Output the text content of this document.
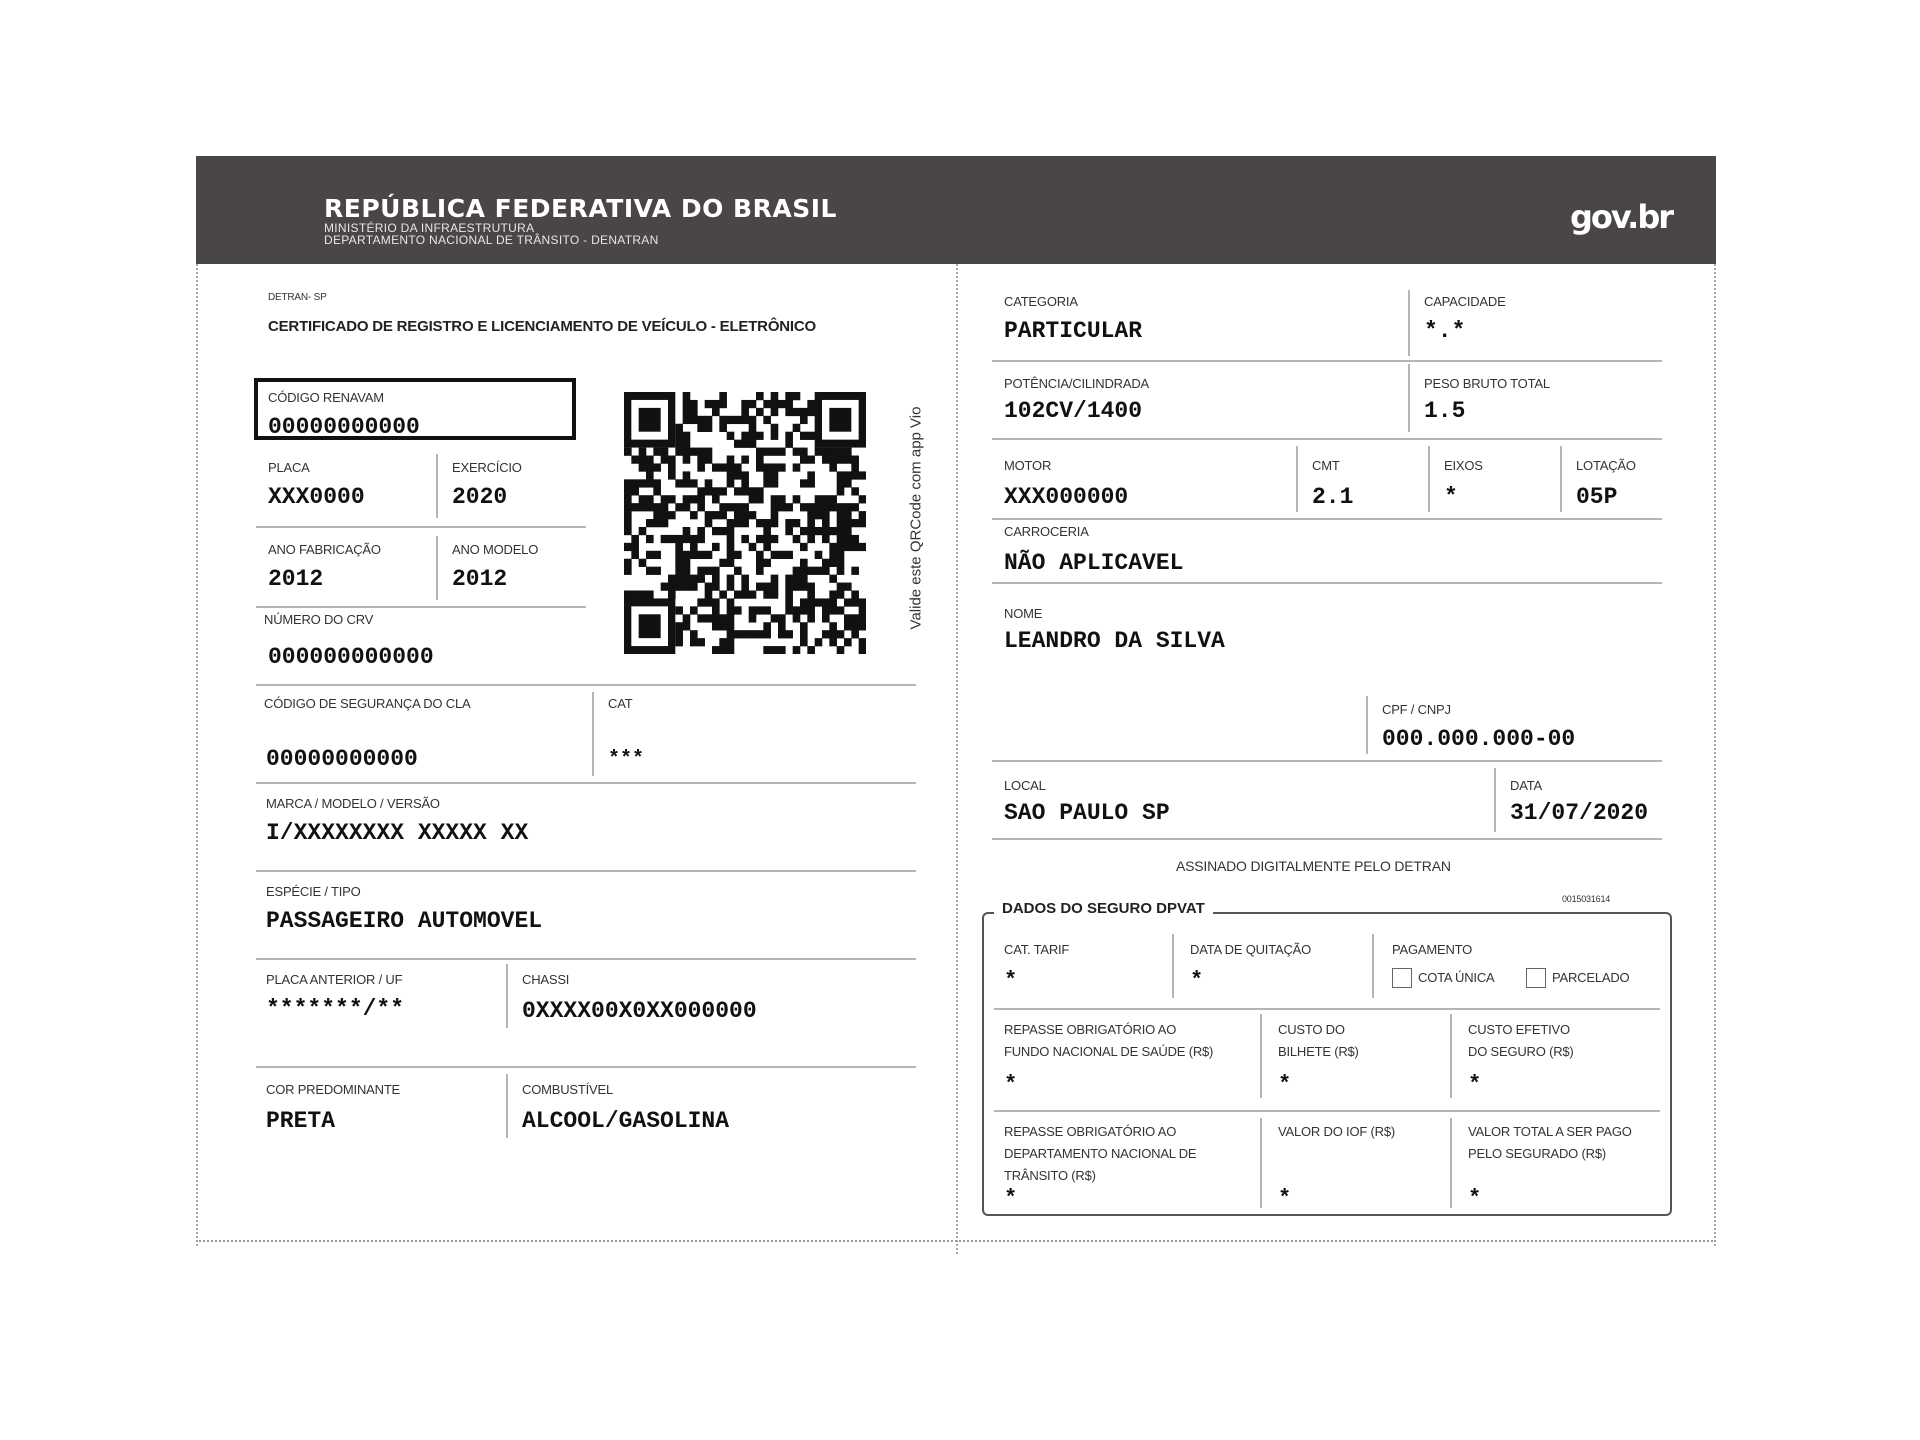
REPÚBLICA FEDERATIVA DO BRASIL
MINISTÉRIO DA INFRAESTRUTURA
DEPARTAMENTO NACIONAL DE TRÂNSITO - DENATRAN
gov.br
DETRAN- SP
CERTIFICADO DE REGISTRO E LICENCIAMENTO DE VEÍCULO - ELETRÔNICO
CÓDIGO RENAVAM
00000000000
PLACA
XXX0000
EXERCÍCIO
2020
ANO FABRICAÇÃO
2012
ANO MODELO
2012
NÚMERO DO CRV
000000000000
Valide este QRCode com app Vio
CÓDIGO DE SEGURANÇA DO CLA
00000000000
CAT
***
MARCA / MODELO / VERSÃO
I/XXXXXXXX XXXXX XX
ESPÉCIE / TIPO
PASSAGEIRO AUTOMOVEL
PLACA ANTERIOR / UF
*******/**
CHASSI
0XXXX00X0XX000000
COR PREDOMINANTE
PRETA
COMBUSTÍVEL
ALCOOL/GASOLINA
CATEGORIA
PARTICULAR
CAPACIDADE
*.*
POTÊNCIA/CILINDRADA
102CV/1400
PESO BRUTO TOTAL
1.5
MOTOR
XXX000000
CMT
2.1
EIXOS
*
LOTAÇÃO
05P
CARROCERIA
NÃO APLICAVEL
NOME
LEANDRO DA SILVA
CPF / CNPJ
000.000.000-00
LOCAL
SAO PAULO SP
DATA
31/07/2020
ASSINADO DIGITALMENTE PELO DETRAN
DADOS DO SEGURO DPVAT
0015031614
CAT. TARIF
*
DATA DE QUITAÇÃO
*
PAGAMENTO
COTA ÚNICA	PARCELADO
REPASSE OBRIGATÓRIO AO
FUNDO NACIONAL DE SAÚDE (R$)
*
CUSTO DO
BILHETE (R$)
*
CUSTO EFETIVO
DO SEGURO (R$)
*
REPASSE OBRIGATÓRIO AO
DEPARTAMENTO NACIONAL DE
TRÂNSITO (R$)
*
VALOR DO IOF (R$)
*
VALOR TOTAL A SER PAGO
PELO SEGURADO (R$)
*
